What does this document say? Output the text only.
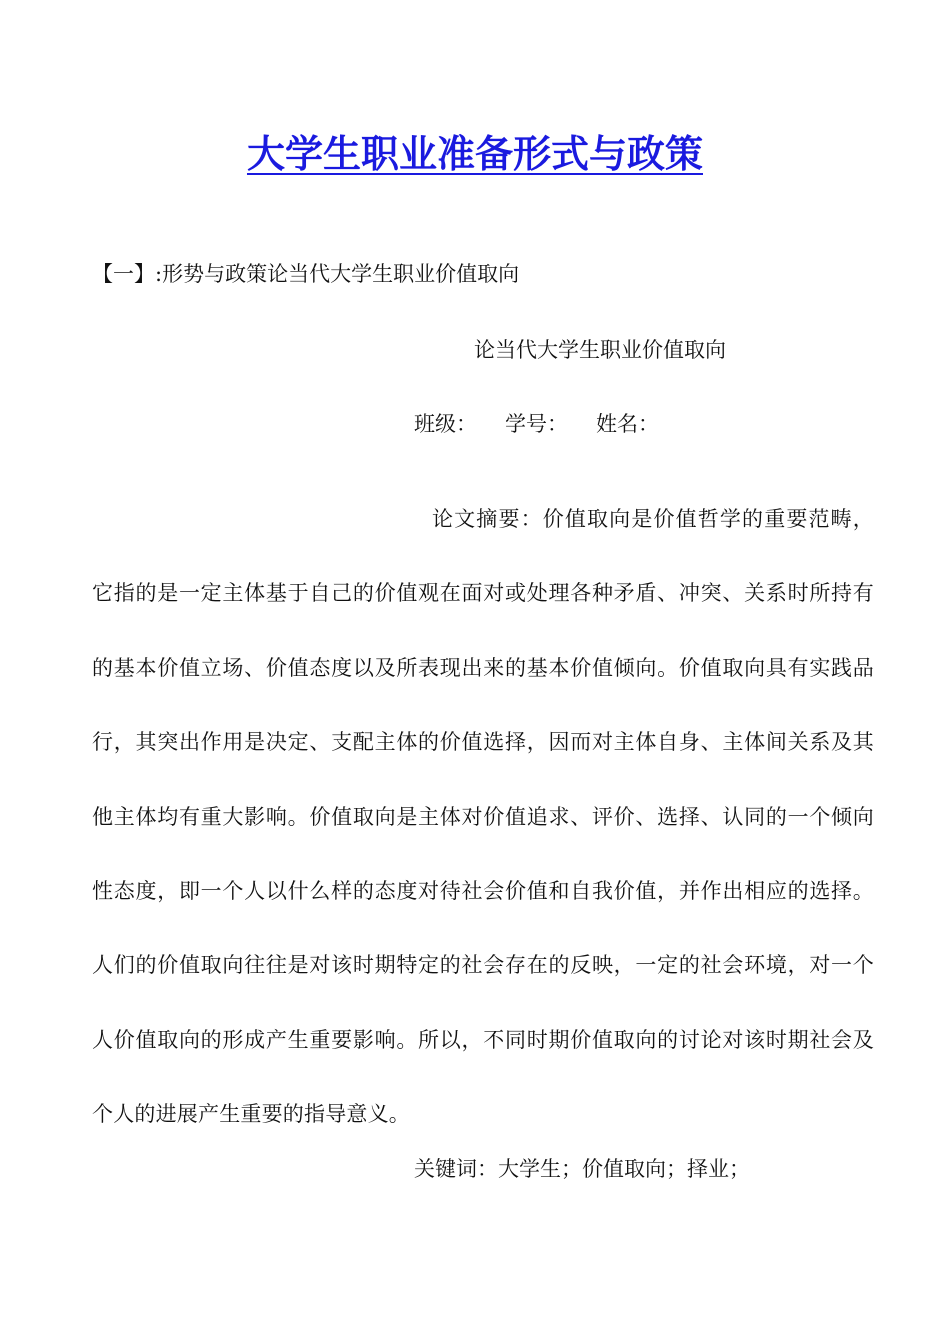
大学生职业准备形式与政策

【一】:形势与政策论当代大学生职业价值取向

论当代大学生职业价值取向

班级： 学号： 姓名：

论文摘要：价值取向是价值哲学的重要范畴，它指的是一定主体基于自己的价值观在面对或处理各种矛盾、冲突、关系时所持有的基本价值立场、价值态度以及所表现出来的基本价值倾向。价值取向具有实践品行，其突出作用是决定、支配主体的价值选择，因而对主体自身、主体间关系及其他主体均有重大影响。价值取向是主体对价值追求、评价、选择、认同的一个倾向性态度，即一个人以什么样的态度对待社会价值和自我价值，并作出相应的选择。人们的价值取向往往是对该时期特定的社会存在的反映，一定的社会环境，对一个人价值取向的形成产生重要影响。所以，不同时期价值取向的讨论对该时期社会及个人的进展产生重要的指导意义。

关键词：大学生；价值取向；择业；
